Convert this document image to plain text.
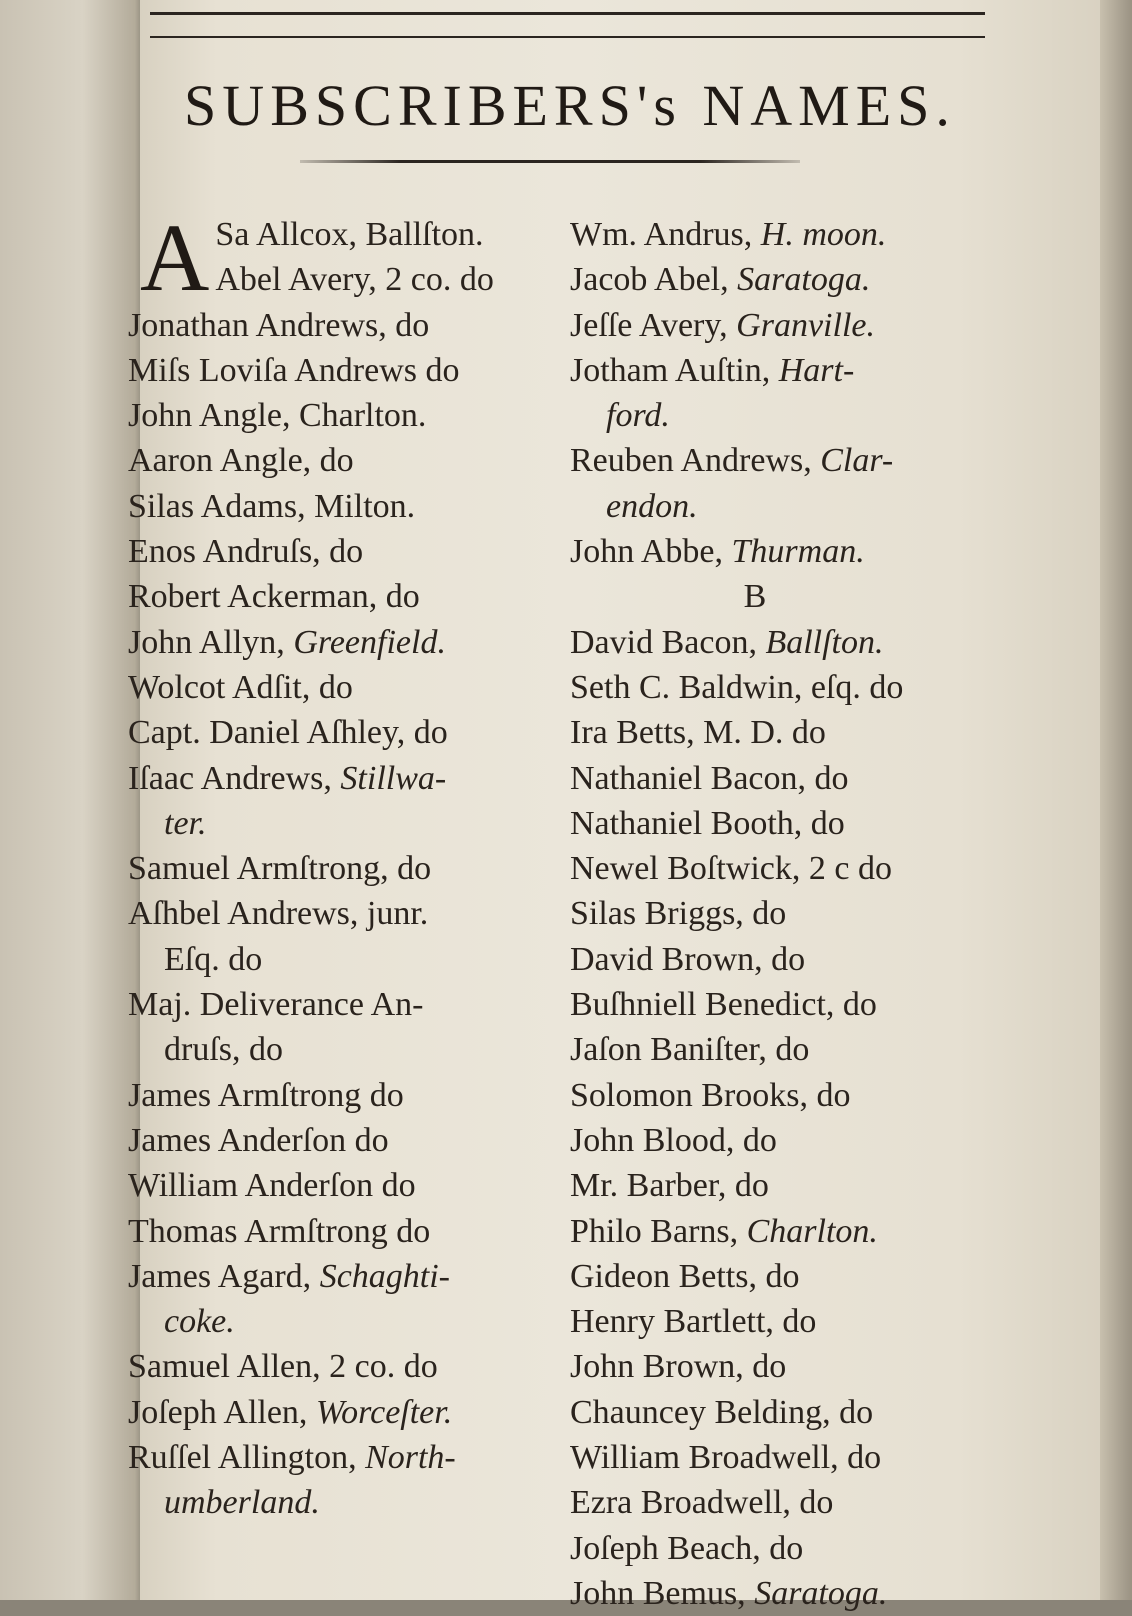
SUBSCRIBERS's NAMES.
A Sa Allcox, Ballſton.
Abel Avery, 2 co. do
Jonathan Andrews, do
Miſs Loviſa Andrews do
John Angle, Charlton.
Aaron Angle, do
Silas Adams, Milton.
Enos Andruſs, do
Robert Ackerman, do
John Allyn, Greenfield.
Wolcot Adſit, do
Capt. Daniel Aſhley, do
Iſaac Andrews, Stillwa-
ter.
Samuel Armſtrong, do
Aſhbel Andrews, junr.
Eſq. do
Maj. Deliverance An-
druſs, do
James Armſtrong do
James Anderſon do
William Anderſon do
Thomas Armſtrong do
James Agard, Schaghti-
coke.
Samuel Allen, 2 co. do
Joſeph Allen, Worceſter.
Ruſſel Allington, North-
umberland.
Wm. Andrus, H. moon.
Jacob Abel, Saratoga.
Jeſſe Avery, Granville.
Jotham Auſtin, Hart-
ford.
Reuben Andrews, Clar-
endon.
John Abbe, Thurman.
B
David Bacon, Ballſton.
Seth C. Baldwin, eſq. do
Ira Betts, M. D. do
Nathaniel Bacon, do
Nathaniel Booth, do
Newel Boſtwick, 2 c do
Silas Briggs, do
David Brown, do
Buſhniell Benedict, do
Jaſon Baniſter, do
Solomon Brooks, do
John Blood, do
Mr. Barber, do
Philo Barns, Charlton.
Gideon Betts, do
Henry Bartlett, do
John Brown, do
Chauncey Belding, do
William Broadwell, do
Ezra Broadwell, do
Joſeph Beach, do
John Bemus, Saratoga.
